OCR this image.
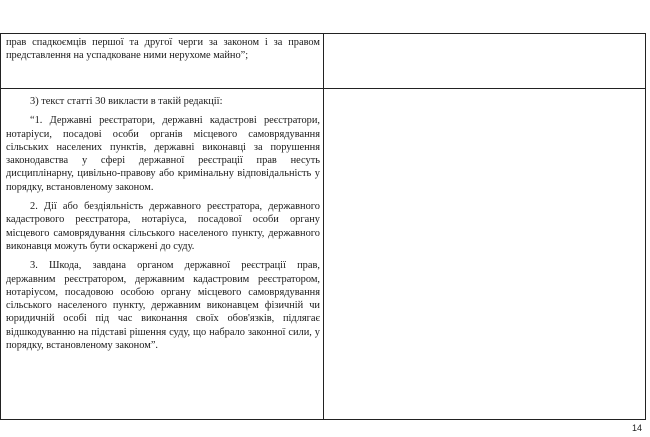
прав спадкоємців першої та другої черги за законом і за правом представлення на успадковане ними нерухоме майно”;	

3) текст статті 30 викласти в такій редакції:

“1. Державні реєстратори, державні кадастрові реєстратори, нотаріуси, посадові особи органів місцевого самоврядування сільських населених пунктів, державні виконавці за порушення законодавства у сфері державної реєстрації прав несуть дисциплінарну, цивільно-правову або кримінальну відповідальність у порядку, встановленому законом.

2. Дії або бездіяльність державного реєстратора, державного кадастрового реєстратора, нотаріуса, посадової особи органу місцевого самоврядування сільського населеного пункту, державного виконавця можуть бути оскаржені до суду.

3. Шкода, завдана органом державної реєстрації прав, державним реєстратором, державним кадастровим реєстратором, нотаріусом, посадовою особою органу місцевого самоврядування сільського населеного пункту, державним виконавцем фізичній чи юридичній особі під час виконання своїх обов'язків, підлягає відшкодуванню на підставі рішення суду, що набрало законної сили, у порядку, встановленому законом”.	

14
